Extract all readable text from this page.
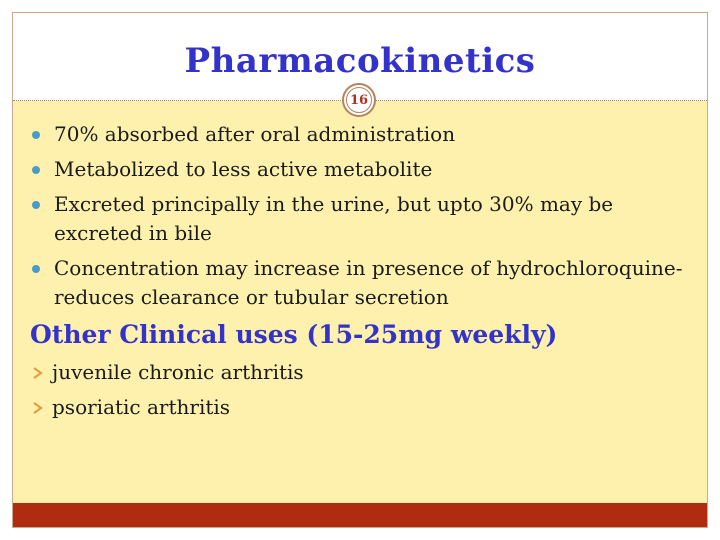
Pharmacokinetics
16
70% absorbed after oral administration
Metabolized to less active metabolite
Excreted principally in the urine, but upto 30% may be excreted in bile
Concentration may increase in presence of hydrochloroquine-reduces clearance or tubular secretion
Other Clinical uses (15-25mg weekly)
juvenile chronic arthritis
psoriatic arthritis
